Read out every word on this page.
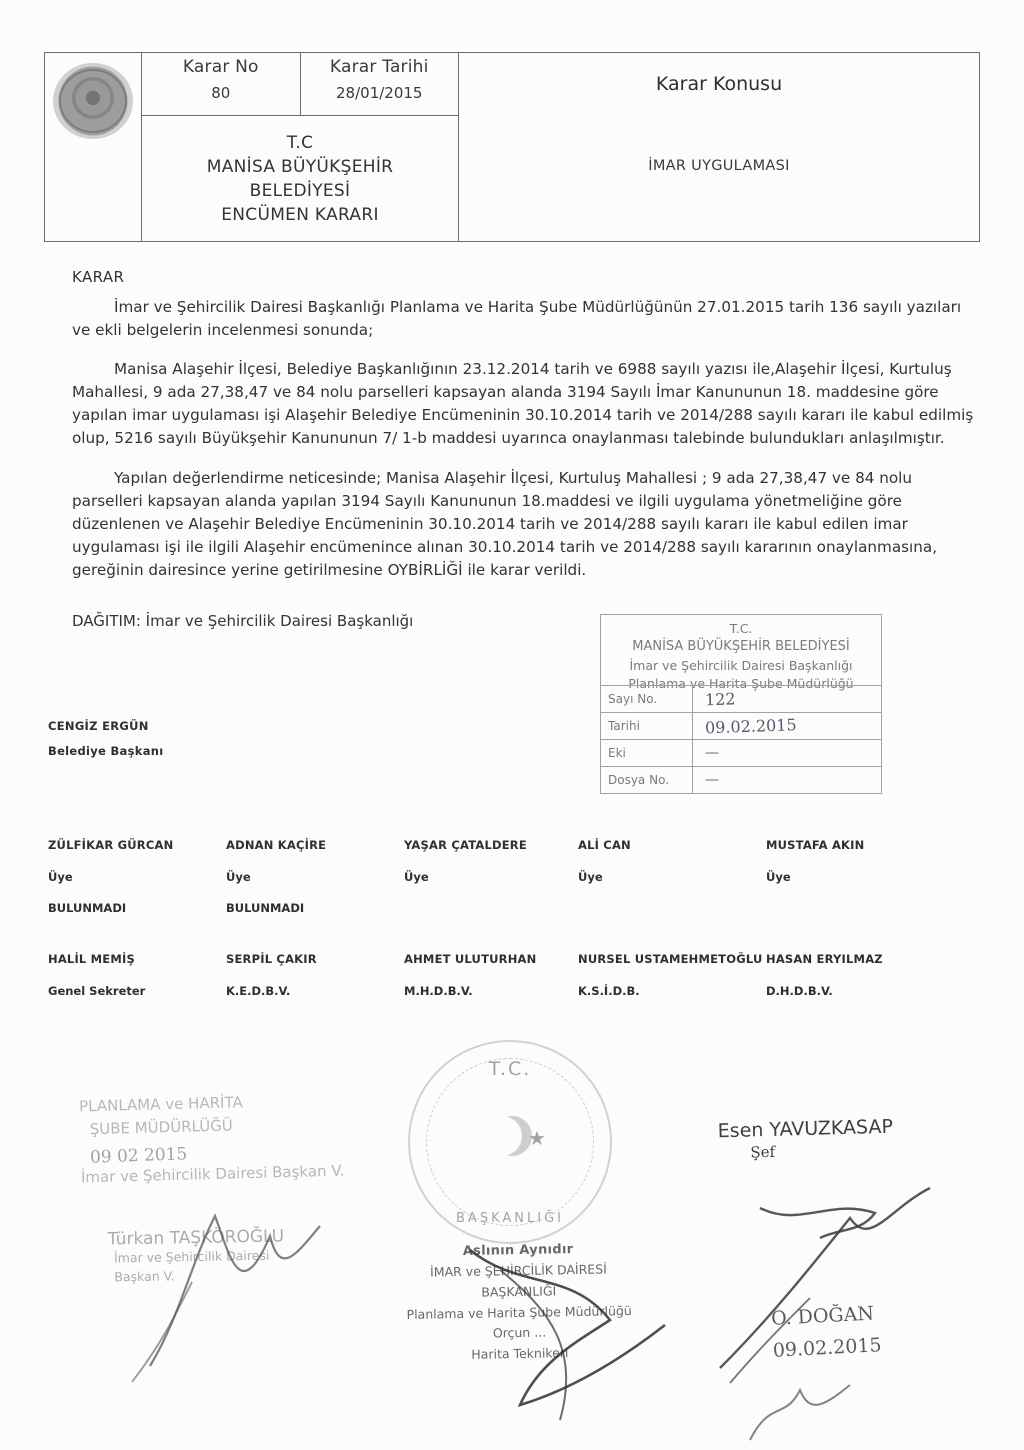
Karar No
80
Karar Tarihi
28/01/2015
T.C
MANİSA BÜYÜKŞEHİR
BELEDİYESİ
ENCÜMEN KARARI
Karar Konusu
İMAR UYGULAMASI
KARAR

İmar ve Şehircilik Dairesi Başkanlığı Planlama ve Harita Şube Müdürlüğünün 27.01.2015 tarih 136 sayılı yazıları ve ekli belgelerin incelenmesi sonunda;

Manisa Alaşehir İlçesi, Belediye Başkanlığının 23.12.2014 tarih ve 6988 sayılı yazısı ile,Alaşehir İlçesi, Kurtuluş Mahallesi, 9 ada 27,38,47 ve 84 nolu parselleri kapsayan alanda 3194 Sayılı İmar Kanununun 18. maddesine göre yapılan imar uygulaması işi Alaşehir Belediye Encümeninin 30.10.2014 tarih ve 2014/288 sayılı kararı ile kabul edilmiş olup, 5216 sayılı Büyükşehir Kanununun 7/ 1-b maddesi uyarınca onaylanması talebinde bulundukları anlaşılmıştır.

Yapılan değerlendirme neticesinde; Manisa Alaşehir İlçesi, Kurtuluş Mahallesi ; 9 ada 27,38,47 ve 84 nolu parselleri kapsayan alanda yapılan 3194 Sayılı Kanununun 18.maddesi ve ilgili uygulama yönetmeliğine göre düzenlenen ve Alaşehir Belediye Encümeninin 30.10.2014 tarih ve 2014/288 sayılı kararı ile kabul edilen imar uygulaması işi ile ilgili Alaşehir encümenince alınan 30.10.2014 tarih ve 2014/288 sayılı kararının onaylanmasına, gereğinin dairesince yerine getirilmesine OYBİRLİĞİ ile karar verildi.

DAĞITIM: İmar ve Şehircilik Dairesi Başkanlığı
CENGİZ ERGÜN
Belediye Başkanı
T.C.
MANİSA BÜYÜKŞEHİR BELEDİYESİ
İmar ve Şehircilik Dairesi Başkanlığı
Planlama ve Harita Şube Müdürlüğü
Sayı No.	122
Tarihi	09.02.2015
Eki	—
Dosya No.	—
ZÜLFİKAR GÜRCAN
Üye
BULUNMADI
ADNAN KAÇİRE
Üye
BULUNMADI
YAŞAR ÇATALDERE
Üye
ALİ CAN
Üye
MUSTAFA AKIN
Üye
HALİL MEMİŞ
Genel Sekreter
SERPİL ÇAKIR
K.E.D.B.V.
AHMET ULUTURHAN
M.H.D.B.V.
NURSEL USTAMEHMETOĞLU
K.S.İ.D.B.
HASAN ERYILMAZ
D.H.D.B.V.
PLANLAMA ve HARİTA
ŞUBE MÜDÜRLÜĞÜ
İmar ve Şehircilik Dairesi Başkan V.
09 02 2015
Türkan TAŞKÖROĞLU
İmar ve Şehircilik Dairesi
Başkan V.
T.C.
★
BAŞKANLIĞI
Aslının Aynıdır
İMAR ve ŞEHİRCİLİK DAİRESİ BAŞKANLIĞI
Planlama ve Harita Şube Müdürlüğü
Orçun ...
Harita Teknikeri
Esen YAVUZKASAP
Şef
O. DOĞAN
09.02.2015
